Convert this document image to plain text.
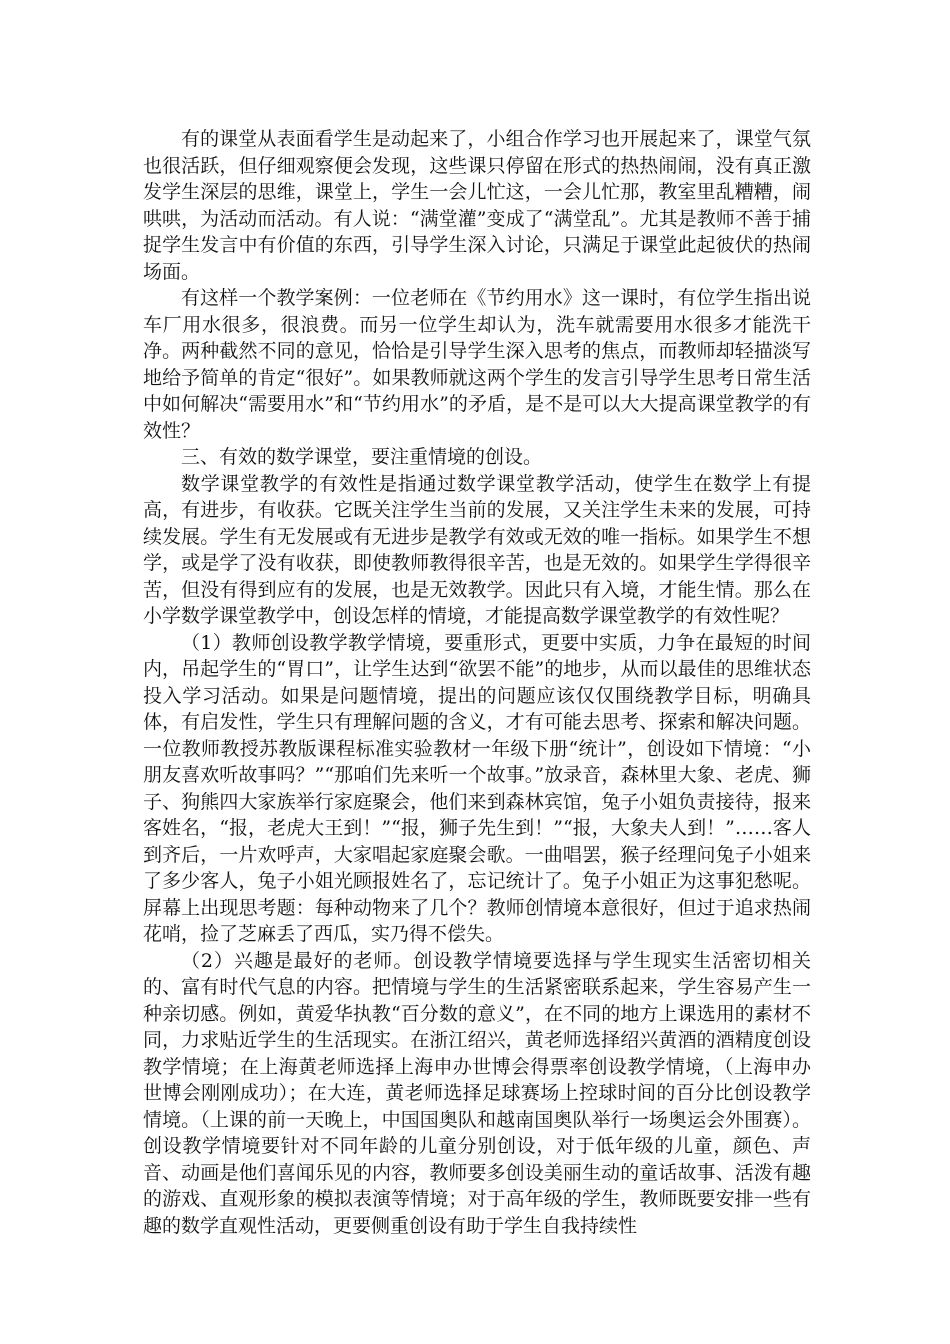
有的课堂从表面看学生是动起来了，小组合作学习也开展起来了，课堂气氛也很活跃，但仔细观察便会发现，这些课只停留在形式的热热闹闹，没有真正激发学生深层的思维，课堂上，学生一会儿忙这，一会儿忙那，教室里乱糟糟，闹哄哄，为活动而活动。有人说：“满堂灌”变成了“满堂乱”。尤其是教师不善于捕捉学生发言中有价值的东西，引导学生深入讨论，只满足于课堂此起彼伏的热闹场面。

有这样一个教学案例：一位老师在《节约用水》这一课时，有位学生指出说车厂用水很多，很浪费。而另一位学生却认为，洗车就需要用水很多才能洗干净。两种截然不同的意见，恰恰是引导学生深入思考的焦点，而教师却轻描淡写地给予简单的肯定“很好”。如果教师就这两个学生的发言引导学生思考日常生活中如何解决“需要用水”和“节约用水”的矛盾，是不是可以大大提高课堂教学的有效性？

三、有效的数学课堂，要注重情境的创设。

数学课堂教学的有效性是指通过数学课堂教学活动，使学生在数学上有提高，有进步，有收获。它既关注学生当前的发展，又关注学生未来的发展，可持续发展。学生有无发展或有无进步是教学有效或无效的唯一指标。如果学生不想学，或是学了没有收获，即使教师教得很辛苦，也是无效的。如果学生学得很辛苦，但没有得到应有的发展，也是无效教学。因此只有入境，才能生情。那么在小学数学课堂教学中，创设怎样的情境，才能提高数学课堂教学的有效性呢？

（1）教师创设教学教学情境，要重形式，更要中实质，力争在最短的时间内，吊起学生的“胃口”，让学生达到“欲罢不能”的地步，从而以最佳的思维状态投入学习活动。如果是问题情境，提出的问题应该仅仅围绕教学目标，明确具体，有启发性，学生只有理解问题的含义，才有可能去思考、探索和解决问题。一位教师教授苏教版课程标准实验教材一年级下册“统计”，创设如下情境：“小朋友喜欢听故事吗？”“那咱们先来听一个故事。”放录音，森林里大象、老虎、狮子、狗熊四大家族举行家庭聚会，他们来到森林宾馆，兔子小姐负责接待，报来客姓名，“报，老虎大王到！”“报，狮子先生到！”“报，大象夫人到！”……客人到齐后，一片欢呼声，大家唱起家庭聚会歌。一曲唱罢，猴子经理问兔子小姐来了多少客人，兔子小姐光顾报姓名了，忘记统计了。兔子小姐正为这事犯愁呢。屏幕上出现思考题：每种动物来了几个？教师创情境本意很好，但过于追求热闹花哨，捡了芝麻丢了西瓜，实乃得不偿失。

（2）兴趣是最好的老师。创设教学情境要选择与学生现实生活密切相关的、富有时代气息的内容。把情境与学生的生活紧密联系起来，学生容易产生一种亲切感。例如，黄爱华执教“百分数的意义”，在不同的地方上课选用的素材不同，力求贴近学生的生活现实。在浙江绍兴，黄老师选择绍兴黄酒的酒精度创设教学情境；在上海黄老师选择上海申办世博会得票率创设教学情境，（上海申办世博会刚刚成功）；在大连，黄老师选择足球赛场上控球时间的百分比创设教学情境。（上课的前一天晚上，中国国奥队和越南国奥队举行一场奥运会外围赛）。创设教学情境要针对不同年龄的儿童分别创设，对于低年级的儿童，颜色、声音、动画是他们喜闻乐见的内容，教师要多创设美丽生动的童话故事、活泼有趣的游戏、直观形象的模拟表演等情境；对于高年级的学生，教师既要安排一些有趣的数学直观性活动，更要侧重创设有助于学生自我持续性
